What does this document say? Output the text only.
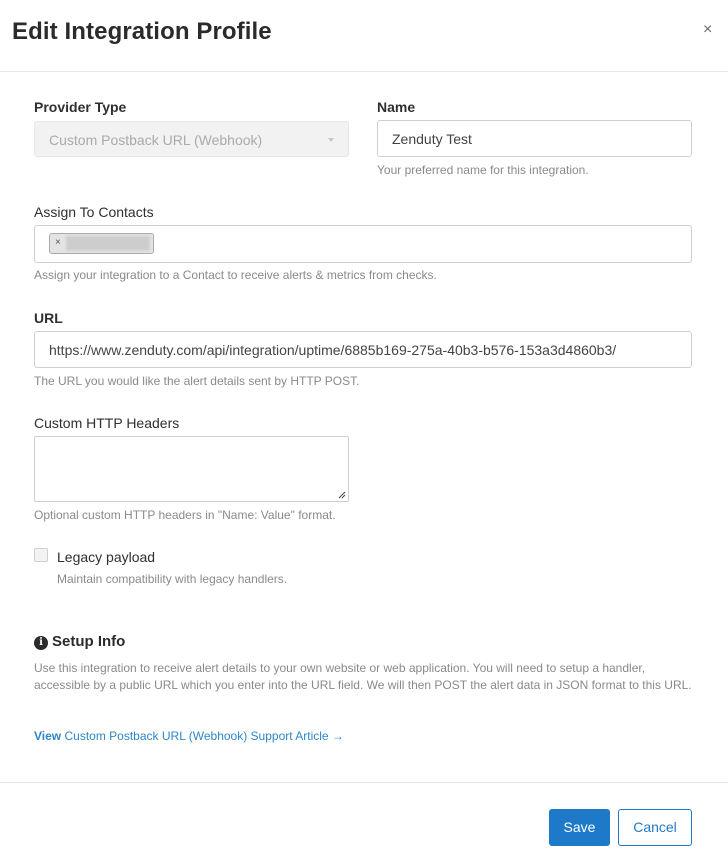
Edit Integration Profile	×
Provider Type
Custom Postback URL (Webhook)
Name
Zenduty Test
Your preferred name for this integration.
Assign To Contacts
×
Assign your integration to a Contact to receive alerts & metrics from checks.
URL
https://www.zenduty.com/api/integration/uptime/6885b169-275a-40b3-b576-153a3d4860b3/
The URL you would like the alert details sent by HTTP POST.
Custom HTTP Headers
Optional custom HTTP headers in "Name: Value" format.
Legacy payload
Maintain compatibility with legacy handlers.
i Setup Info
Use this integration to receive alert details to your own website or web application. You will need to setup a handler, accessible by a public URL which you enter into the URL field. We will then POST the alert data in JSON format to this URL.
View Custom Postback URL (Webhook) Support Article →
Save	Cancel
